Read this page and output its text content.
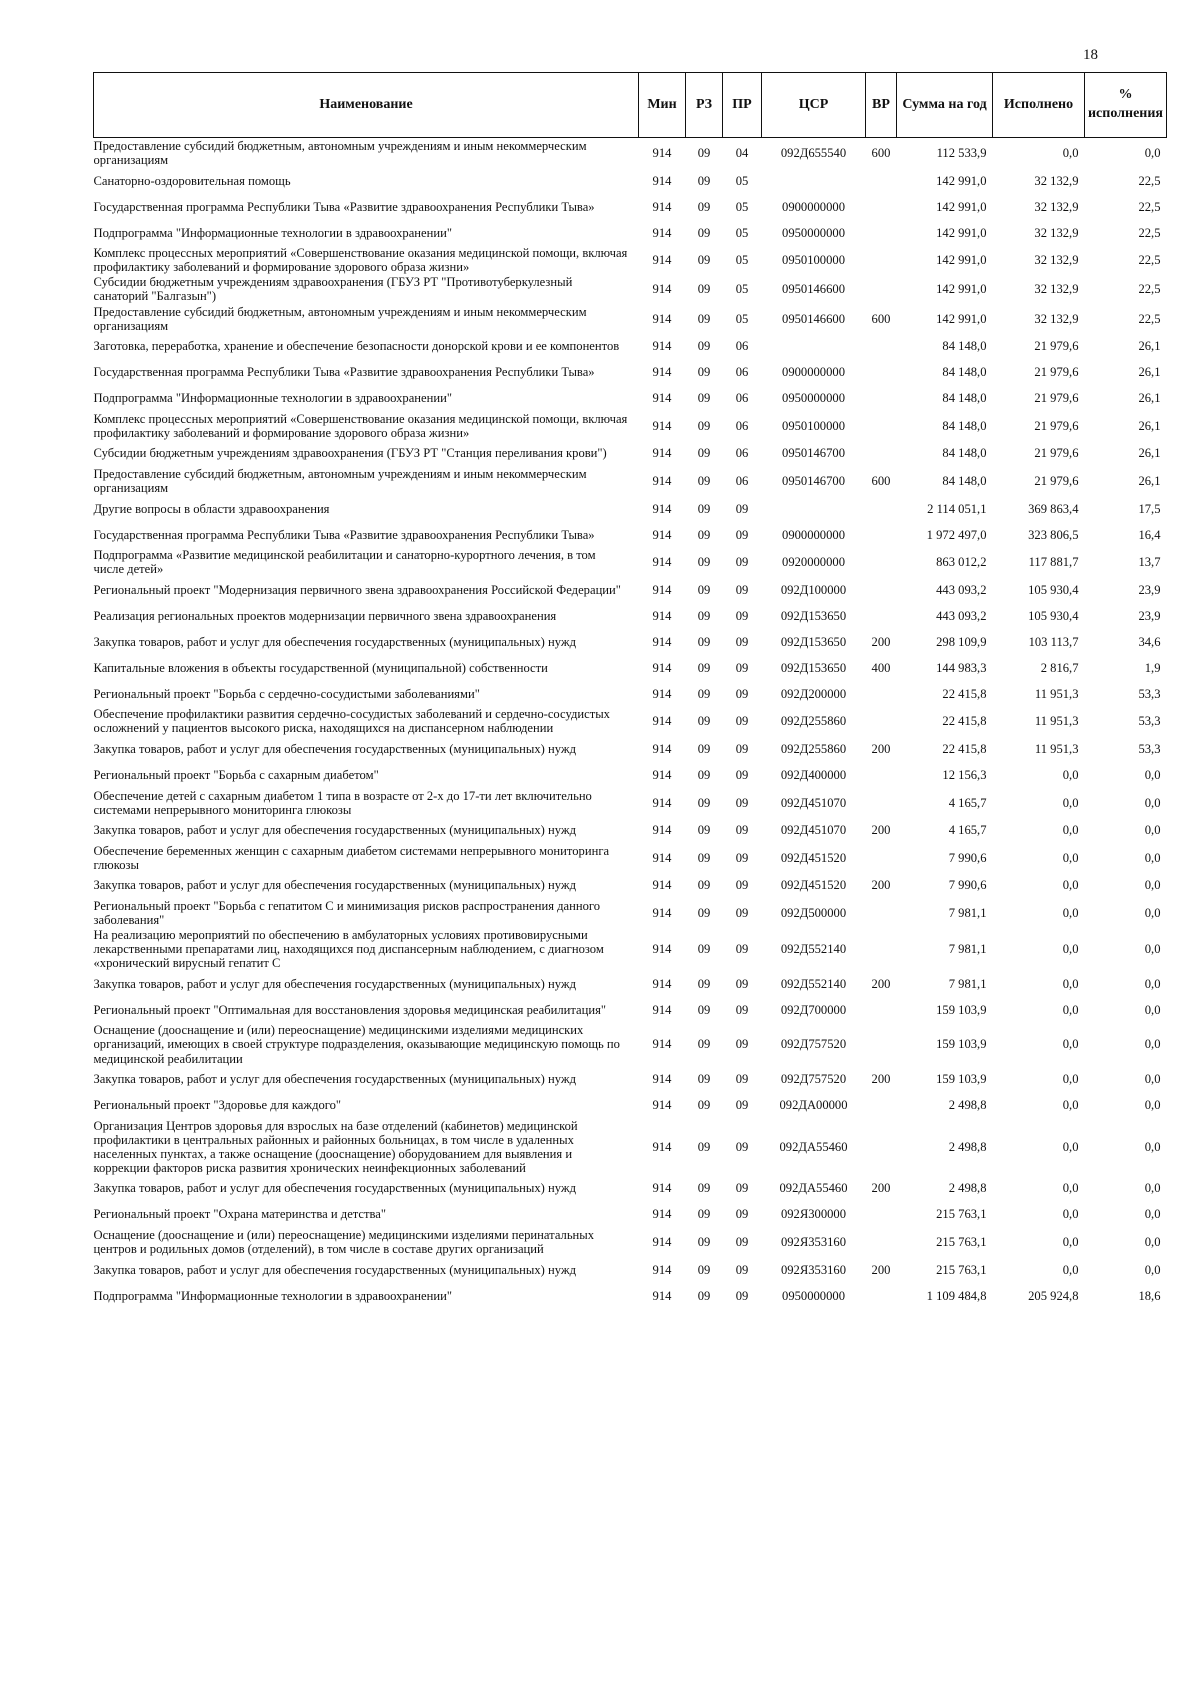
18
Наименование	Мин	РЗ	ПР	ЦСР	ВР	Сумма на год	Исполнено	% исполнения
Предоставление субсидий бюджетным, автономным учреждениям и иным некоммерческим организациям	914	09	04	092Д655540	600	112 533,9	0,0	0,0
Санаторно-оздоровительная помощь	914	09	05			142 991,0	32 132,9	22,5
Государственная программа Республики Тыва «Развитие здравоохранения Республики Тыва»	914	09	05	0900000000		142 991,0	32 132,9	22,5
Подпрограмма "Информационные технологии в здравоохранении"	914	09	05	0950000000		142 991,0	32 132,9	22,5
Комплекс процессных мероприятий «Совершенствование оказания медицинской помощи, включая профилактику заболеваний и формирование здорового образа жизни»	914	09	05	0950100000		142 991,0	32 132,9	22,5
Субсидии бюджетным учреждениям здравоохранения (ГБУЗ РТ "Противотуберкулезный санаторий "Балгазын")	914	09	05	0950146600		142 991,0	32 132,9	22,5
Предоставление субсидий бюджетным, автономным учреждениям и иным некоммерческим организациям	914	09	05	0950146600	600	142 991,0	32 132,9	22,5
Заготовка, переработка, хранение и обеспечение безопасности донорской крови и ее компонентов	914	09	06			84 148,0	21 979,6	26,1
Государственная программа Республики Тыва «Развитие здравоохранения Республики Тыва»	914	09	06	0900000000		84 148,0	21 979,6	26,1
Подпрограмма "Информационные технологии в здравоохранении"	914	09	06	0950000000		84 148,0	21 979,6	26,1
Комплекс процессных мероприятий «Совершенствование оказания медицинской помощи, включая профилактику заболеваний и формирование здорового образа жизни»	914	09	06	0950100000		84 148,0	21 979,6	26,1
Субсидии бюджетным учреждениям здравоохранения (ГБУЗ РТ "Станция переливания крови")	914	09	06	0950146700		84 148,0	21 979,6	26,1
Предоставление субсидий бюджетным, автономным учреждениям и иным некоммерческим организациям	914	09	06	0950146700	600	84 148,0	21 979,6	26,1
Другие вопросы в области здравоохранения	914	09	09			2 114 051,1	369 863,4	17,5
Государственная программа Республики Тыва «Развитие здравоохранения Республики Тыва»	914	09	09	0900000000		1 972 497,0	323 806,5	16,4
Подпрограмма «Развитие медицинской реабилитации и санаторно-курортного лечения, в том числе детей»	914	09	09	0920000000		863 012,2	117 881,7	13,7
Региональный проект "Модернизация первичного звена здравоохранения Российской Федерации"	914	09	09	092Д100000		443 093,2	105 930,4	23,9
Реализация региональных проектов модернизации первичного звена здравоохранения	914	09	09	092Д153650		443 093,2	105 930,4	23,9
Закупка товаров, работ и услуг для обеспечения государственных (муниципальных) нужд	914	09	09	092Д153650	200	298 109,9	103 113,7	34,6
Капитальные вложения в объекты государственной (муниципальной) собственности	914	09	09	092Д153650	400	144 983,3	2 816,7	1,9
Региональный проект "Борьба с сердечно-сосудистыми заболеваниями"	914	09	09	092Д200000		22 415,8	11 951,3	53,3
Обеспечение профилактики развития сердечно-сосудистых заболеваний и сердечно-сосудистых осложнений у пациентов высокого риска, находящихся на диспансерном наблюдении	914	09	09	092Д255860		22 415,8	11 951,3	53,3
Закупка товаров, работ и услуг для обеспечения государственных (муниципальных) нужд	914	09	09	092Д255860	200	22 415,8	11 951,3	53,3
Региональный проект "Борьба с сахарным диабетом"	914	09	09	092Д400000		12 156,3	0,0	0,0
Обеспечение детей с сахарным диабетом 1 типа в возрасте от 2-х до 17-ти лет включительно системами непрерывного мониторинга глюкозы	914	09	09	092Д451070		4 165,7	0,0	0,0
Закупка товаров, работ и услуг для обеспечения государственных (муниципальных) нужд	914	09	09	092Д451070	200	4 165,7	0,0	0,0
Обеспечение беременных женщин с сахарным диабетом системами непрерывного мониторинга глюкозы	914	09	09	092Д451520		7 990,6	0,0	0,0
Закупка товаров, работ и услуг для обеспечения государственных (муниципальных) нужд	914	09	09	092Д451520	200	7 990,6	0,0	0,0
Региональный проект "Борьба с гепатитом С и минимизация рисков распространения данного заболевания"	914	09	09	092Д500000		7 981,1	0,0	0,0
На реализацию мероприятий по обеспечению в амбулаторных условиях противовирусными лекарственными препаратами лиц, находящихся под диспансерным наблюдением, с диагнозом «хронический вирусный гепатит С	914	09	09	092Д552140		7 981,1	0,0	0,0
Закупка товаров, работ и услуг для обеспечения государственных (муниципальных) нужд	914	09	09	092Д552140	200	7 981,1	0,0	0,0
Региональный проект "Оптимальная для восстановления здоровья медицинская реабилитация"	914	09	09	092Д700000		159 103,9	0,0	0,0
Оснащение (дооснащение и (или) переоснащение) медицинскими изделиями медицинских организаций, имеющих в своей структуре подразделения, оказывающие медицинскую помощь по медицинской реабилитации	914	09	09	092Д757520		159 103,9	0,0	0,0
Закупка товаров, работ и услуг для обеспечения государственных (муниципальных) нужд	914	09	09	092Д757520	200	159 103,9	0,0	0,0
Региональный проект "Здоровье для каждого"	914	09	09	092ДА00000		2 498,8	0,0	0,0
Организация Центров здоровья для взрослых на базе отделений (кабинетов) медицинской профилактики в центральных районных и районных больницах, в том числе в удаленных населенных пунктах, а также оснащение (дооснащение) оборудованием для выявления и коррекции факторов риска развития хронических неинфекционных заболеваний	914	09	09	092ДА55460		2 498,8	0,0	0,0
Закупка товаров, работ и услуг для обеспечения государственных (муниципальных) нужд	914	09	09	092ДА55460	200	2 498,8	0,0	0,0
Региональный проект "Охрана материнства и детства"	914	09	09	092Я300000		215 763,1	0,0	0,0
Оснащение (дооснащение и (или) переоснащение) медицинскими изделиями перинатальных центров и родильных домов (отделений), в том числе в составе других организаций	914	09	09	092Я353160		215 763,1	0,0	0,0
Закупка товаров, работ и услуг для обеспечения государственных (муниципальных) нужд	914	09	09	092Я353160	200	215 763,1	0,0	0,0
Подпрограмма "Информационные технологии в здравоохранении"	914	09	09	0950000000		1 109 484,8	205 924,8	18,6
